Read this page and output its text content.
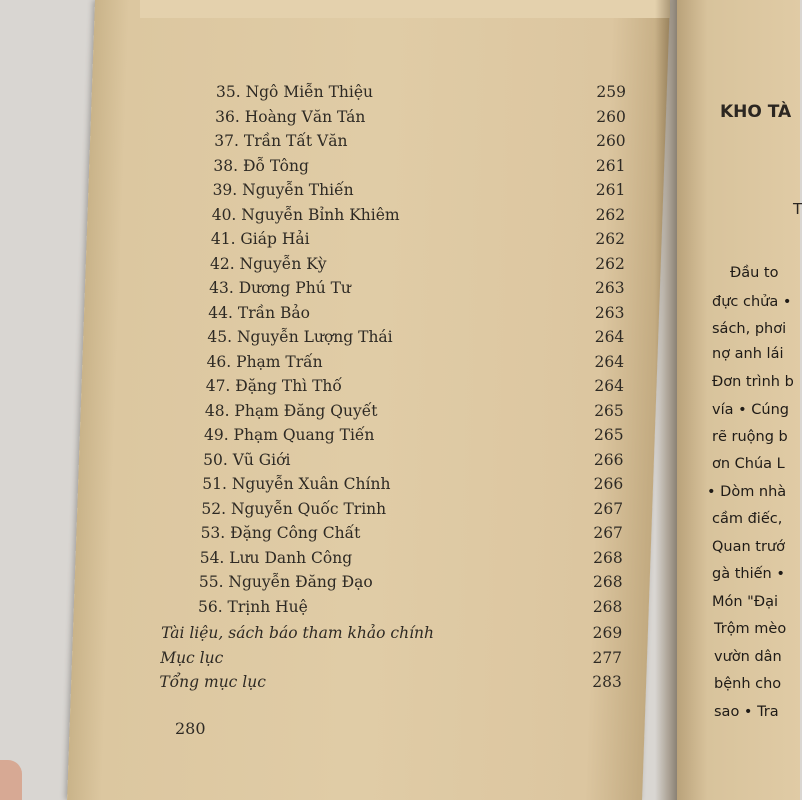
35. Ngô Miễn Thiệu	259
36. Hoàng Văn Tán	260
37. Trần Tất Văn	260
38. Đỗ Tông	261
39. Nguyễn Thiến	261
40. Nguyễn Bỉnh Khiêm	262
41. Giáp Hải	262
42. Nguyễn Kỳ	262
43. Dương Phú Tư	263
44. Trần Bảo	263
45. Nguyễn Lượng Thái	264
46. Phạm Trấn	264
47. Đặng Thì Thố	264
48. Phạm Đăng Quyết	265
49. Phạm Quang Tiến	265
50. Vũ Giới	266
51. Nguyễn Xuân Chính	266
52. Nguyễn Quốc Trinh	267
53. Đặng Công Chất	267
54. Lưu Danh Công	268
55. Nguyễn Đăng Đạo	268
56. Trịnh Huệ	268
Tài liệu, sách báo tham khảo chính	269
Mục lục	277
Tổng mục lục	283
280
KHO TÀ
T
Đầu to
đực chửa •
sách, phơi
nợ anh lái
Đơn trình b
vía • Cúng
rẽ ruộng b
ơn Chúa L
• Dòm nhà
cầm điếc,
Quan trướ
gà thiến •
Món "Đại
Trộm mèo
vườn dân
bệnh cho
sao • Tra
